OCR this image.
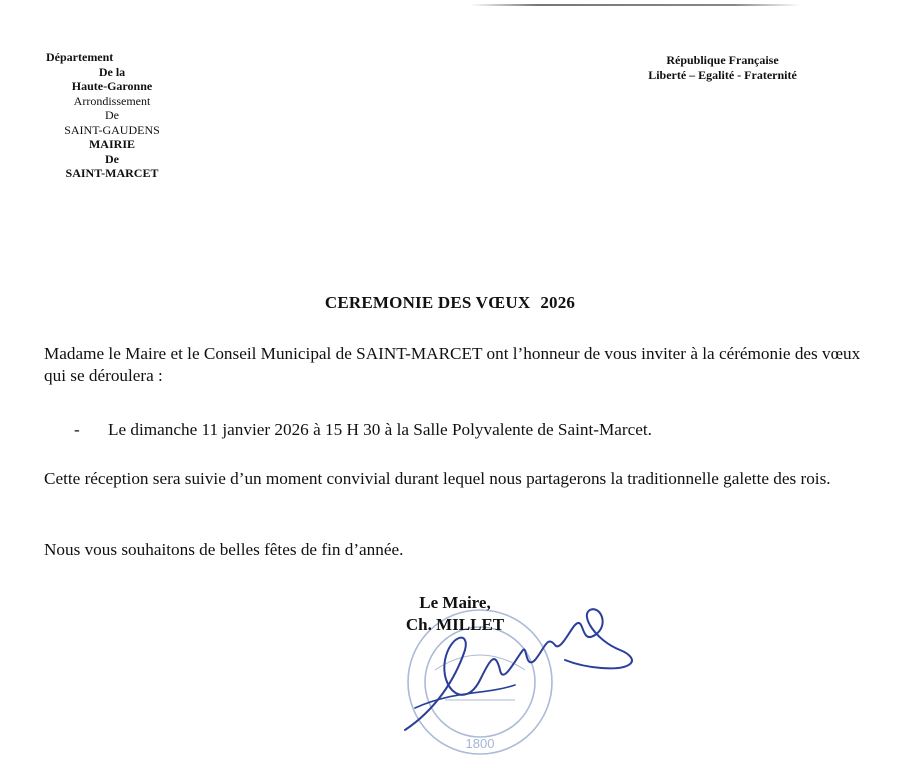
Département
De la
Haute-Garonne
Arrondissement
De
SAINT-GAUDENS
MAIRIE
De
SAINT-MARCET
République Française
Liberté – Egalité - Fraternité
CEREMONIE DES VŒUX 2026
Madame le Maire et le Conseil Municipal de SAINT-MARCET ont l’honneur de vous inviter à la cérémonie des vœux qui se déroulera :
- Le dimanche 11 janvier 2026 à 15 H 30 à la Salle Polyvalente de Saint-Marcet.
Cette réception sera suivie d’un moment convivial durant lequel nous partagerons la traditionnelle galette des rois.
Nous vous souhaitons de belles fêtes de fin d’année.
1800
Le Maire,
Ch. MILLET
